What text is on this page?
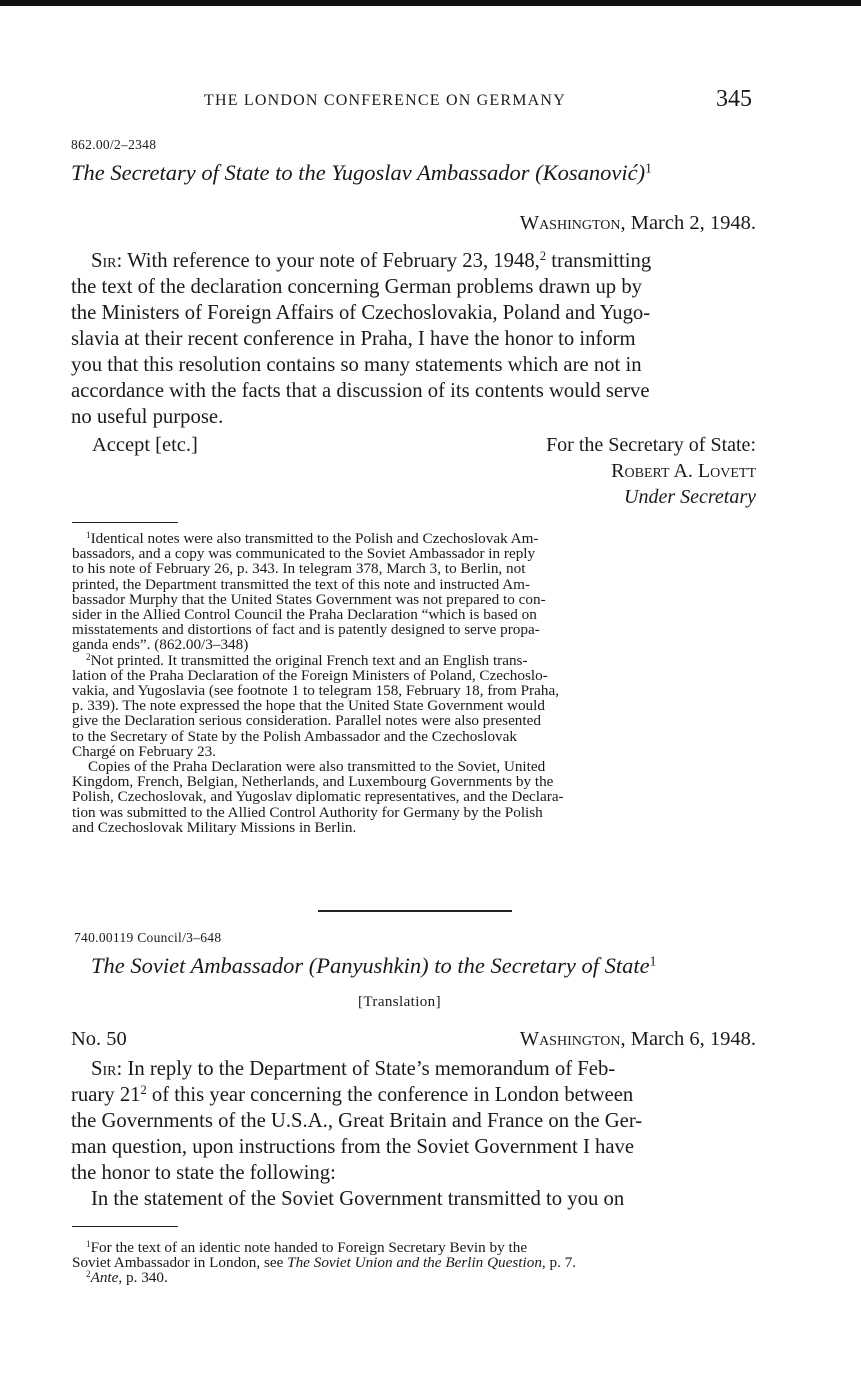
THE LONDON CONFERENCE ON GERMANY	345
862.00/2–2348
The Secretary of State to the Yugoslav Ambassador (Kosanović)$^1$
Washington, March 2, 1948.
Sir: With reference to your note of February 23, 1948,$^2$ transmitting
the text of the declaration concerning German problems drawn up by
the Ministers of Foreign Affairs of Czechoslovakia, Poland and Yugo-
slavia at their recent conference in Praha, I have the honor to inform
you that this resolution contains so many statements which are not in
accordance with the facts that a discussion of its contents would serve
no useful purpose.
Accept [etc.]	For the Secretary of State:
Robert A. Lovett
Under Secretary
$^1$Identical notes were also transmitted to the Polish and Czechoslovak Am-
bassadors, and a copy was communicated to the Soviet Ambassador in reply
to his note of February 26, p. 343. In telegram 378, March 3, to Berlin, not
printed, the Department transmitted the text of this note and instructed Am-
bassador Murphy that the United States Government was not prepared to con-
sider in the Allied Control Council the Praha Declaration “which is based on
misstatements and distortions of fact and is patently designed to serve propa-
ganda ends”. (862.00/3–348)
$^2$Not printed. It transmitted the original French text and an English trans-
lation of the Praha Declaration of the Foreign Ministers of Poland, Czechoslo-
vakia, and Yugoslavia (see footnote 1 to telegram 158, February 18, from Praha,
p. 339). The note expressed the hope that the United State Government would
give the Declaration serious consideration. Parallel notes were also presented
to the Secretary of State by the Polish Ambassador and the Czechoslovak
Chargé on February 23.
Copies of the Praha Declaration were also transmitted to the Soviet, United
Kingdom, French, Belgian, Netherlands, and Luxembourg Governments by the
Polish, Czechoslovak, and Yugoslav diplomatic representatives, and the Declara-
tion was submitted to the Allied Control Authority for Germany by the Polish
and Czechoslovak Military Missions in Berlin.
740.00119 Council/3–648
The Soviet Ambassador (Panyushkin) to the Secretary of State$^1$
[Translation]
No. 50	Washington, March 6, 1948.
Sir: In reply to the Department of State’s memorandum of Feb-
ruary $21^2$ of this year concerning the conference in London between
the Governments of the U.S.A., Great Britain and France on the Ger-
man question, upon instructions from the Soviet Government I have
the honor to state the following:
In the statement of the Soviet Government transmitted to you on
$^1$For the text of an identic note handed to Foreign Secretary Bevin by the
Soviet Ambassador in London, see The Soviet Union and the Berlin Question, p. 7.
$^2$Ante, p. 340.
